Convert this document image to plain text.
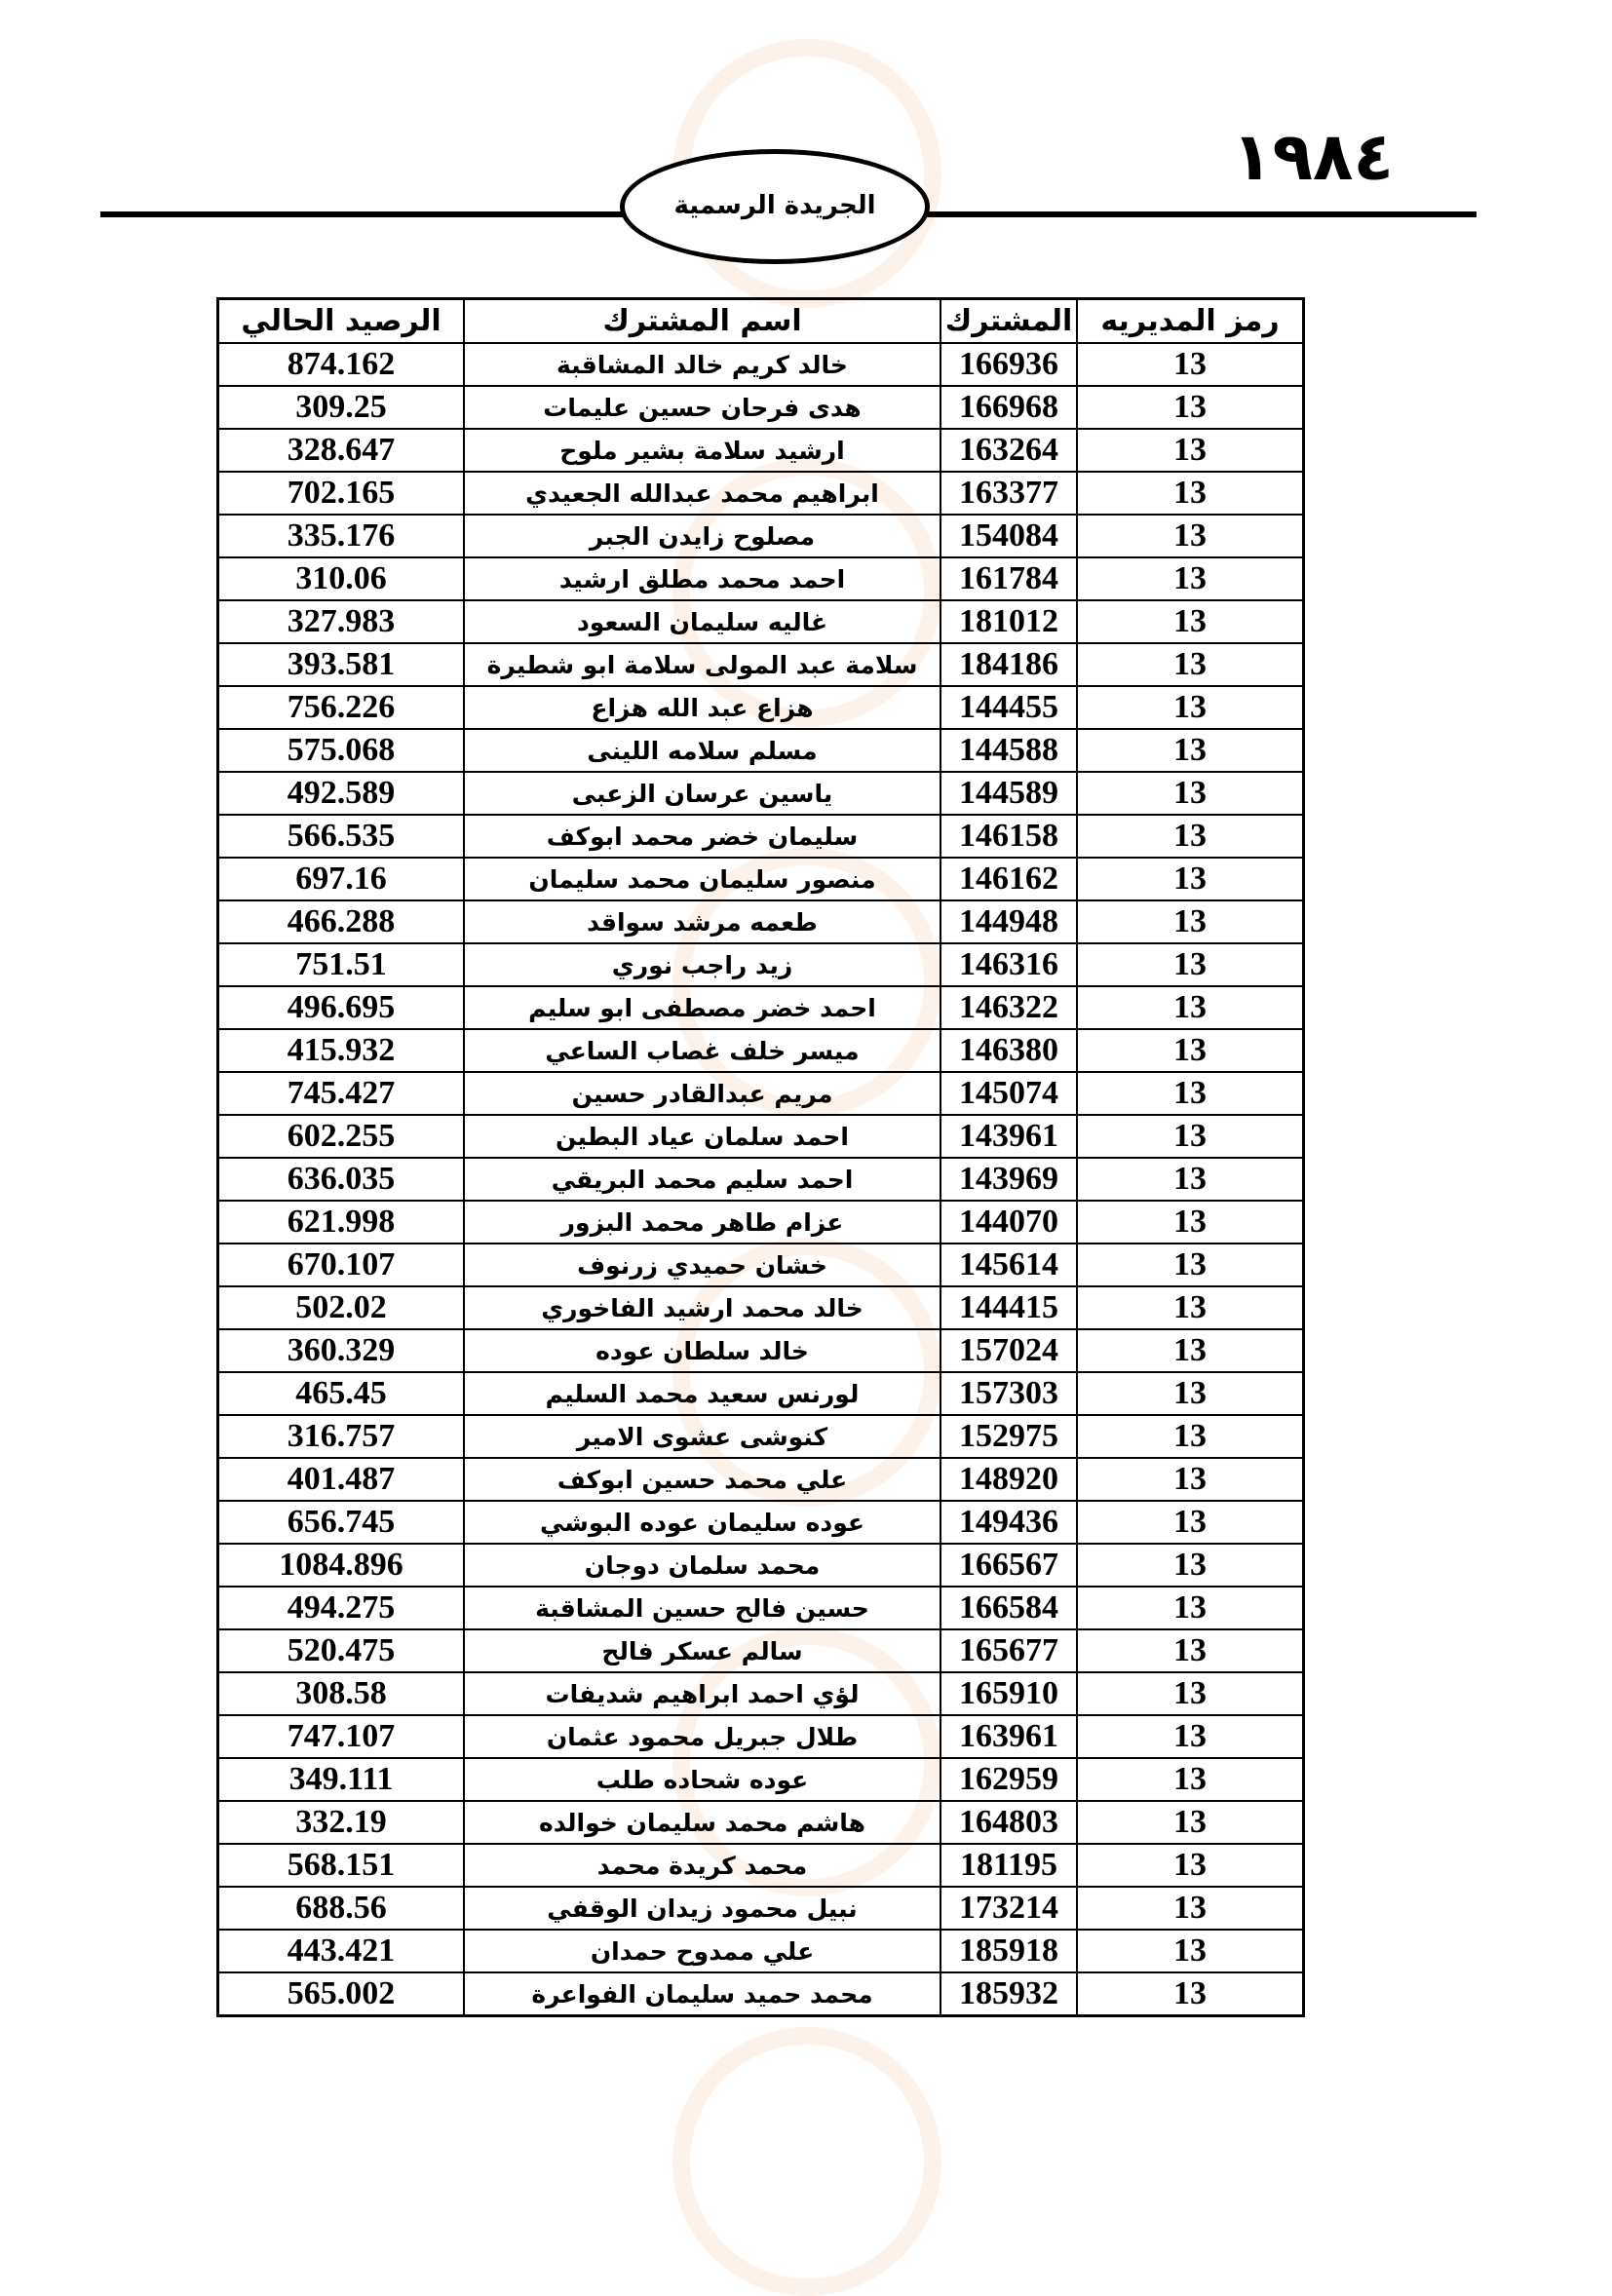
١٩٨٤
الجريدة الرسمية
رمز المديريه	المشترك	اسم المشترك	الرصيد الحالي
13	166936	خالد كريم خالد المشاقبة	874.162
13	166968	هدى فرحان حسين عليمات	309.25
13	163264	ارشيد سلامة بشير ملوح	328.647
13	163377	ابراهيم محمد عبدالله الجعيدي	702.165
13	154084	مصلوح زايدن الجبر	335.176
13	161784	احمد محمد مطلق ارشيد	310.06
13	181012	غاليه سليمان السعود	327.983
13	184186	سلامة عبد المولى سلامة ابو شطيرة	393.581
13	144455	هزاع عبد الله هزاع	756.226
13	144588	مسلم سلامه اللينى	575.068
13	144589	ياسين عرسان الزعبى	492.589
13	146158	سليمان خضر محمد ابوكف	566.535
13	146162	منصور سليمان محمد سليمان	697.16
13	144948	طعمه مرشد سواقد	466.288
13	146316	زيد راجب نوري	751.51
13	146322	احمد خضر مصطفى ابو سليم	496.695
13	146380	ميسر خلف غصاب الساعي	415.932
13	145074	مريم عبدالقادر حسين	745.427
13	143961	احمد سلمان عياد البطين	602.255
13	143969	احمد سليم محمد البريقي	636.035
13	144070	عزام طاهر محمد البزور	621.998
13	145614	خشان حميدي زرنوف	670.107
13	144415	خالد محمد ارشيد الفاخوري	502.02
13	157024	خالد سلطان عوده	360.329
13	157303	لورنس سعيد محمد السليم	465.45
13	152975	كنوشى عشوى الامير	316.757
13	148920	علي محمد حسين ابوكف	401.487
13	149436	عوده سليمان عوده البوشي	656.745
13	166567	محمد سلمان دوجان	1084.896
13	166584	حسين فالح حسين المشاقبة	494.275
13	165677	سالم عسكر فالح	520.475
13	165910	لؤي احمد ابراهيم شديفات	308.58
13	163961	طلال جبريل محمود عثمان	747.107
13	162959	عوده شحاده طلب	349.111
13	164803	هاشم محمد سليمان خوالده	332.19
13	181195	محمد كريدة محمد	568.151
13	173214	نبيل محمود زيدان الوقفي	688.56
13	185918	علي ممدوح حمدان	443.421
13	185932	محمد حميد سليمان الفواعرة	565.002
